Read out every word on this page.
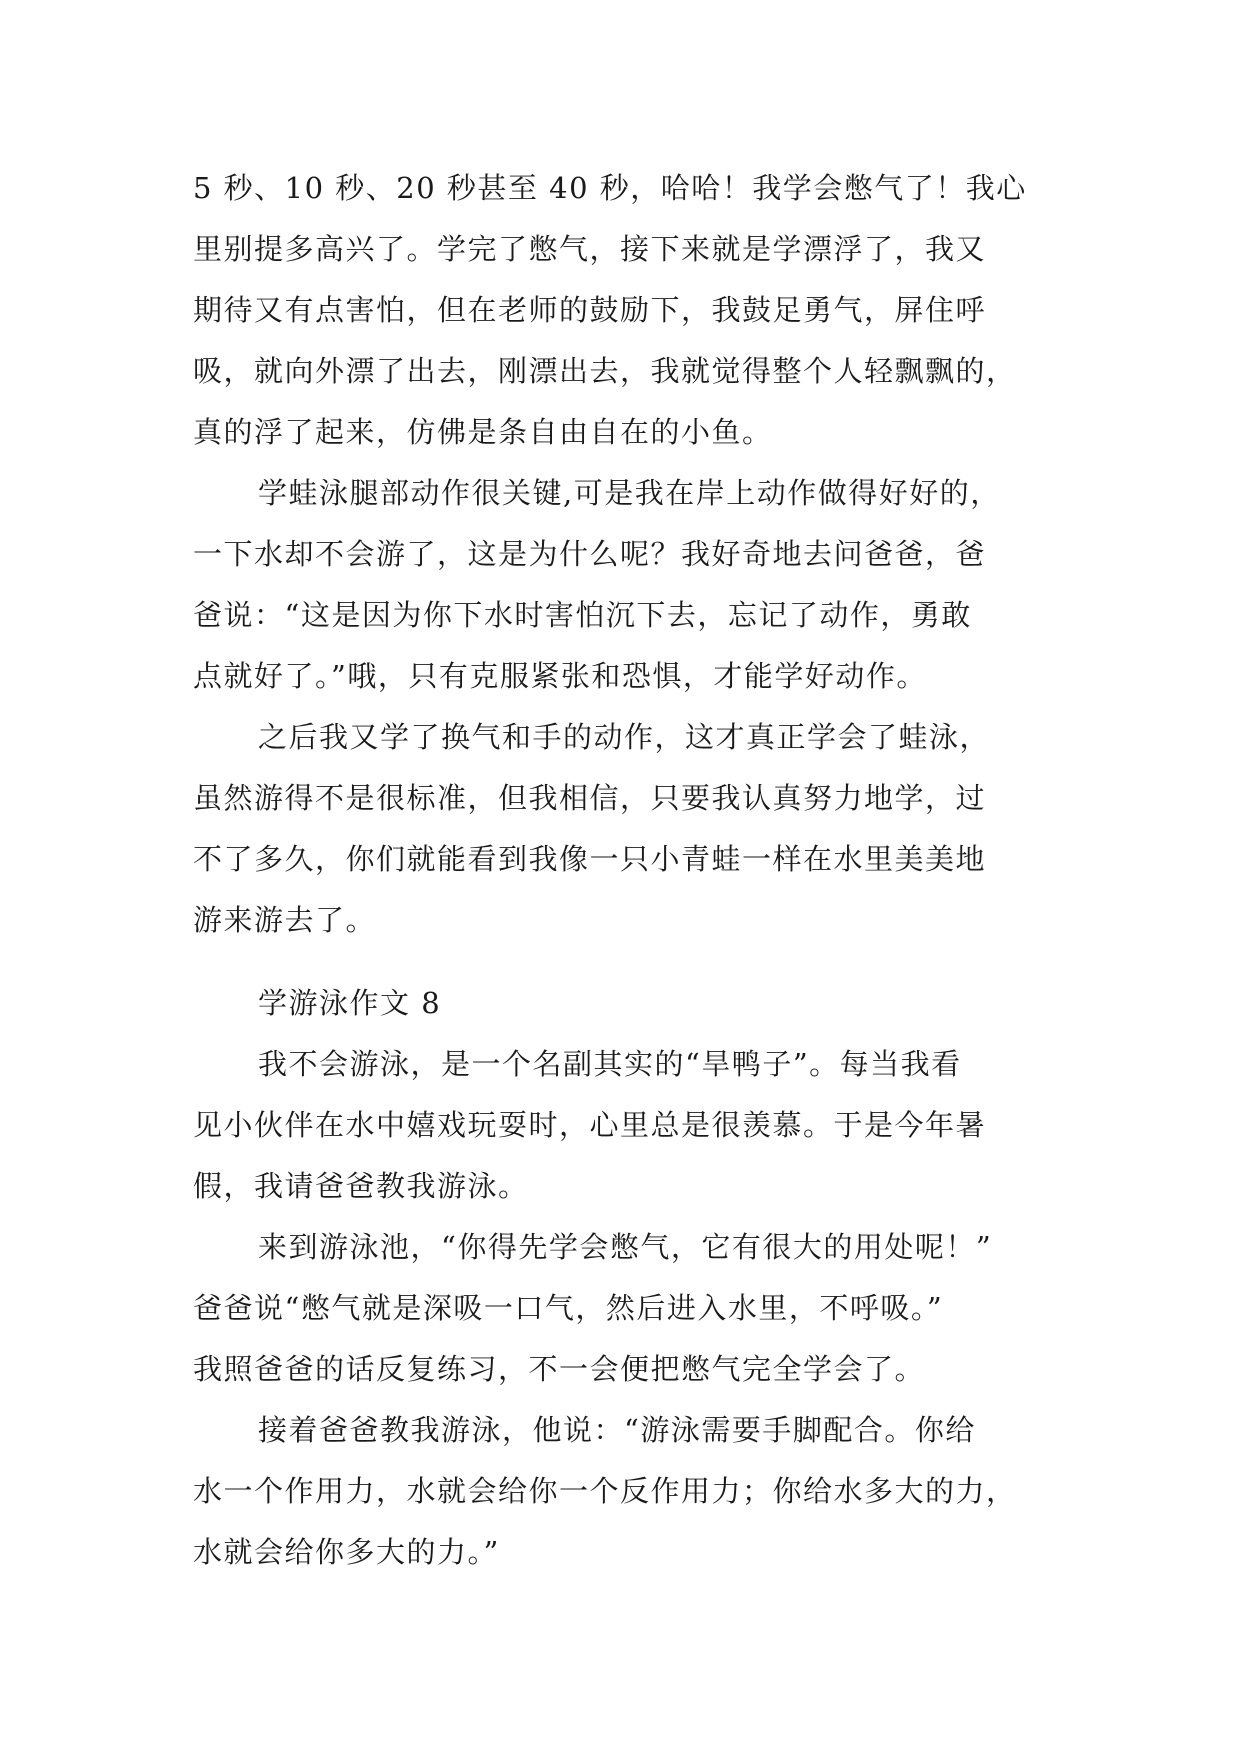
5 秒、10 秒、20 秒甚至 40 秒，哈哈！我学会憋气了！我心
里别提多高兴了。学完了憋气，接下来就是学漂浮了，我又
期待又有点害怕，但在老师的鼓励下，我鼓足勇气，屏住呼
吸，就向外漂了出去，刚漂出去，我就觉得整个人轻飘飘的，
真的浮了起来，仿佛是条自由自在的小鱼。
学蛙泳腿部动作很关键,可是我在岸上动作做得好好的，
一下水却不会游了，这是为什么呢？我好奇地去问爸爸，爸
爸说：“这是因为你下水时害怕沉下去，忘记了动作，勇敢
点就好了。”哦，只有克服紧张和恐惧，才能学好动作。
之后我又学了换气和手的动作，这才真正学会了蛙泳，
虽然游得不是很标准，但我相信，只要我认真努力地学，过
不了多久，你们就能看到我像一只小青蛙一样在水里美美地
游来游去了。
学游泳作文 8
我不会游泳，是一个名副其实的“旱鸭子”。每当我看
见小伙伴在水中嬉戏玩耍时，心里总是很羡慕。于是今年暑
假，我请爸爸教我游泳。
来到游泳池，“你得先学会憋气，它有很大的用处呢！”
爸爸说“憋气就是深吸一口气，然后进入水里，不呼吸。”
我照爸爸的话反复练习，不一会便把憋气完全学会了。
接着爸爸教我游泳，他说：“游泳需要手脚配合。你给
水一个作用力，水就会给你一个反作用力；你给水多大的力，
水就会给你多大的力。”
